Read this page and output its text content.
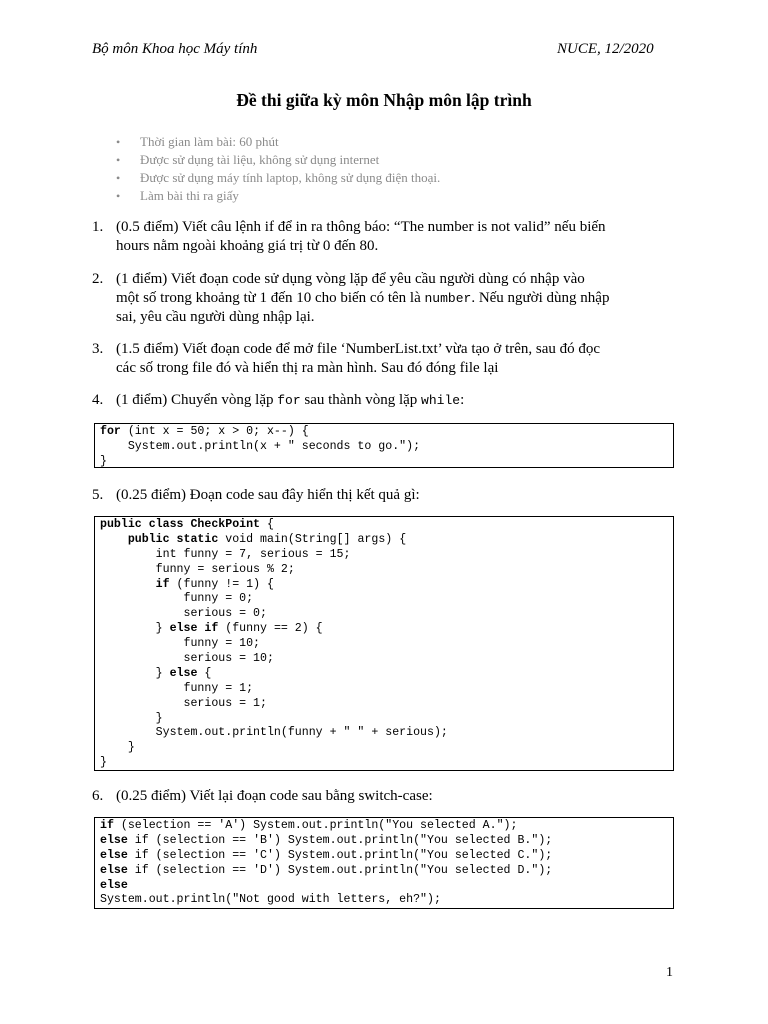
Bộ môn Khoa học Máy tính	NUCE, 12/2020
Đề thi giữa kỳ môn Nhập môn lập trình
• Thời gian làm bài: 60 phút
• Được sử dụng tài liệu, không sử dụng internet
• Được sử dụng máy tính laptop, không sử dụng điện thoại.
• Làm bài thi ra giấy
1. (0.5 điểm) Viết câu lệnh if để in ra thông báo: “The number is not valid” nếu biến
hours nằm ngoài khoảng giá trị từ 0 đến 80.
2. (1 điểm) Viết đoạn code sử dụng vòng lặp để yêu cầu người dùng có nhập vào
một số trong khoảng từ 1 đến 10 cho biến có tên là number. Nếu người dùng nhập
sai, yêu cầu người dùng nhập lại.
3. (1.5 điểm) Viết đoạn code để mở file ‘NumberList.txt’ vừa tạo ở trên, sau đó đọc
các số trong file đó và hiển thị ra màn hình. Sau đó đóng file lại
4. (1 điểm) Chuyển vòng lặp for sau thành vòng lặp while:
for (int x = 50; x > 0; x--) {
System.out.println(x + " seconds to go.");
}
5. (0.25 điểm) Đoạn code sau đây hiển thị kết quả gì:
public class CheckPoint {
public static void main(String[] args) {
int funny = 7, serious = 15;
funny = serious % 2;
if (funny != 1) {
funny = 0;
serious = 0;
} else if (funny == 2) {
funny = 10;
serious = 10;
} else {
funny = 1;
serious = 1;
}
System.out.println(funny + " " + serious);
}
}
6. (0.25 điểm) Viết lại đoạn code sau bằng switch-case:
if (selection == 'A') System.out.println("You selected A.");
else if (selection == 'B') System.out.println("You selected B.");
else if (selection == 'C') System.out.println("You selected C.");
else if (selection == 'D') System.out.println("You selected D.");
else
System.out.println("Not good with letters, eh?");
1
